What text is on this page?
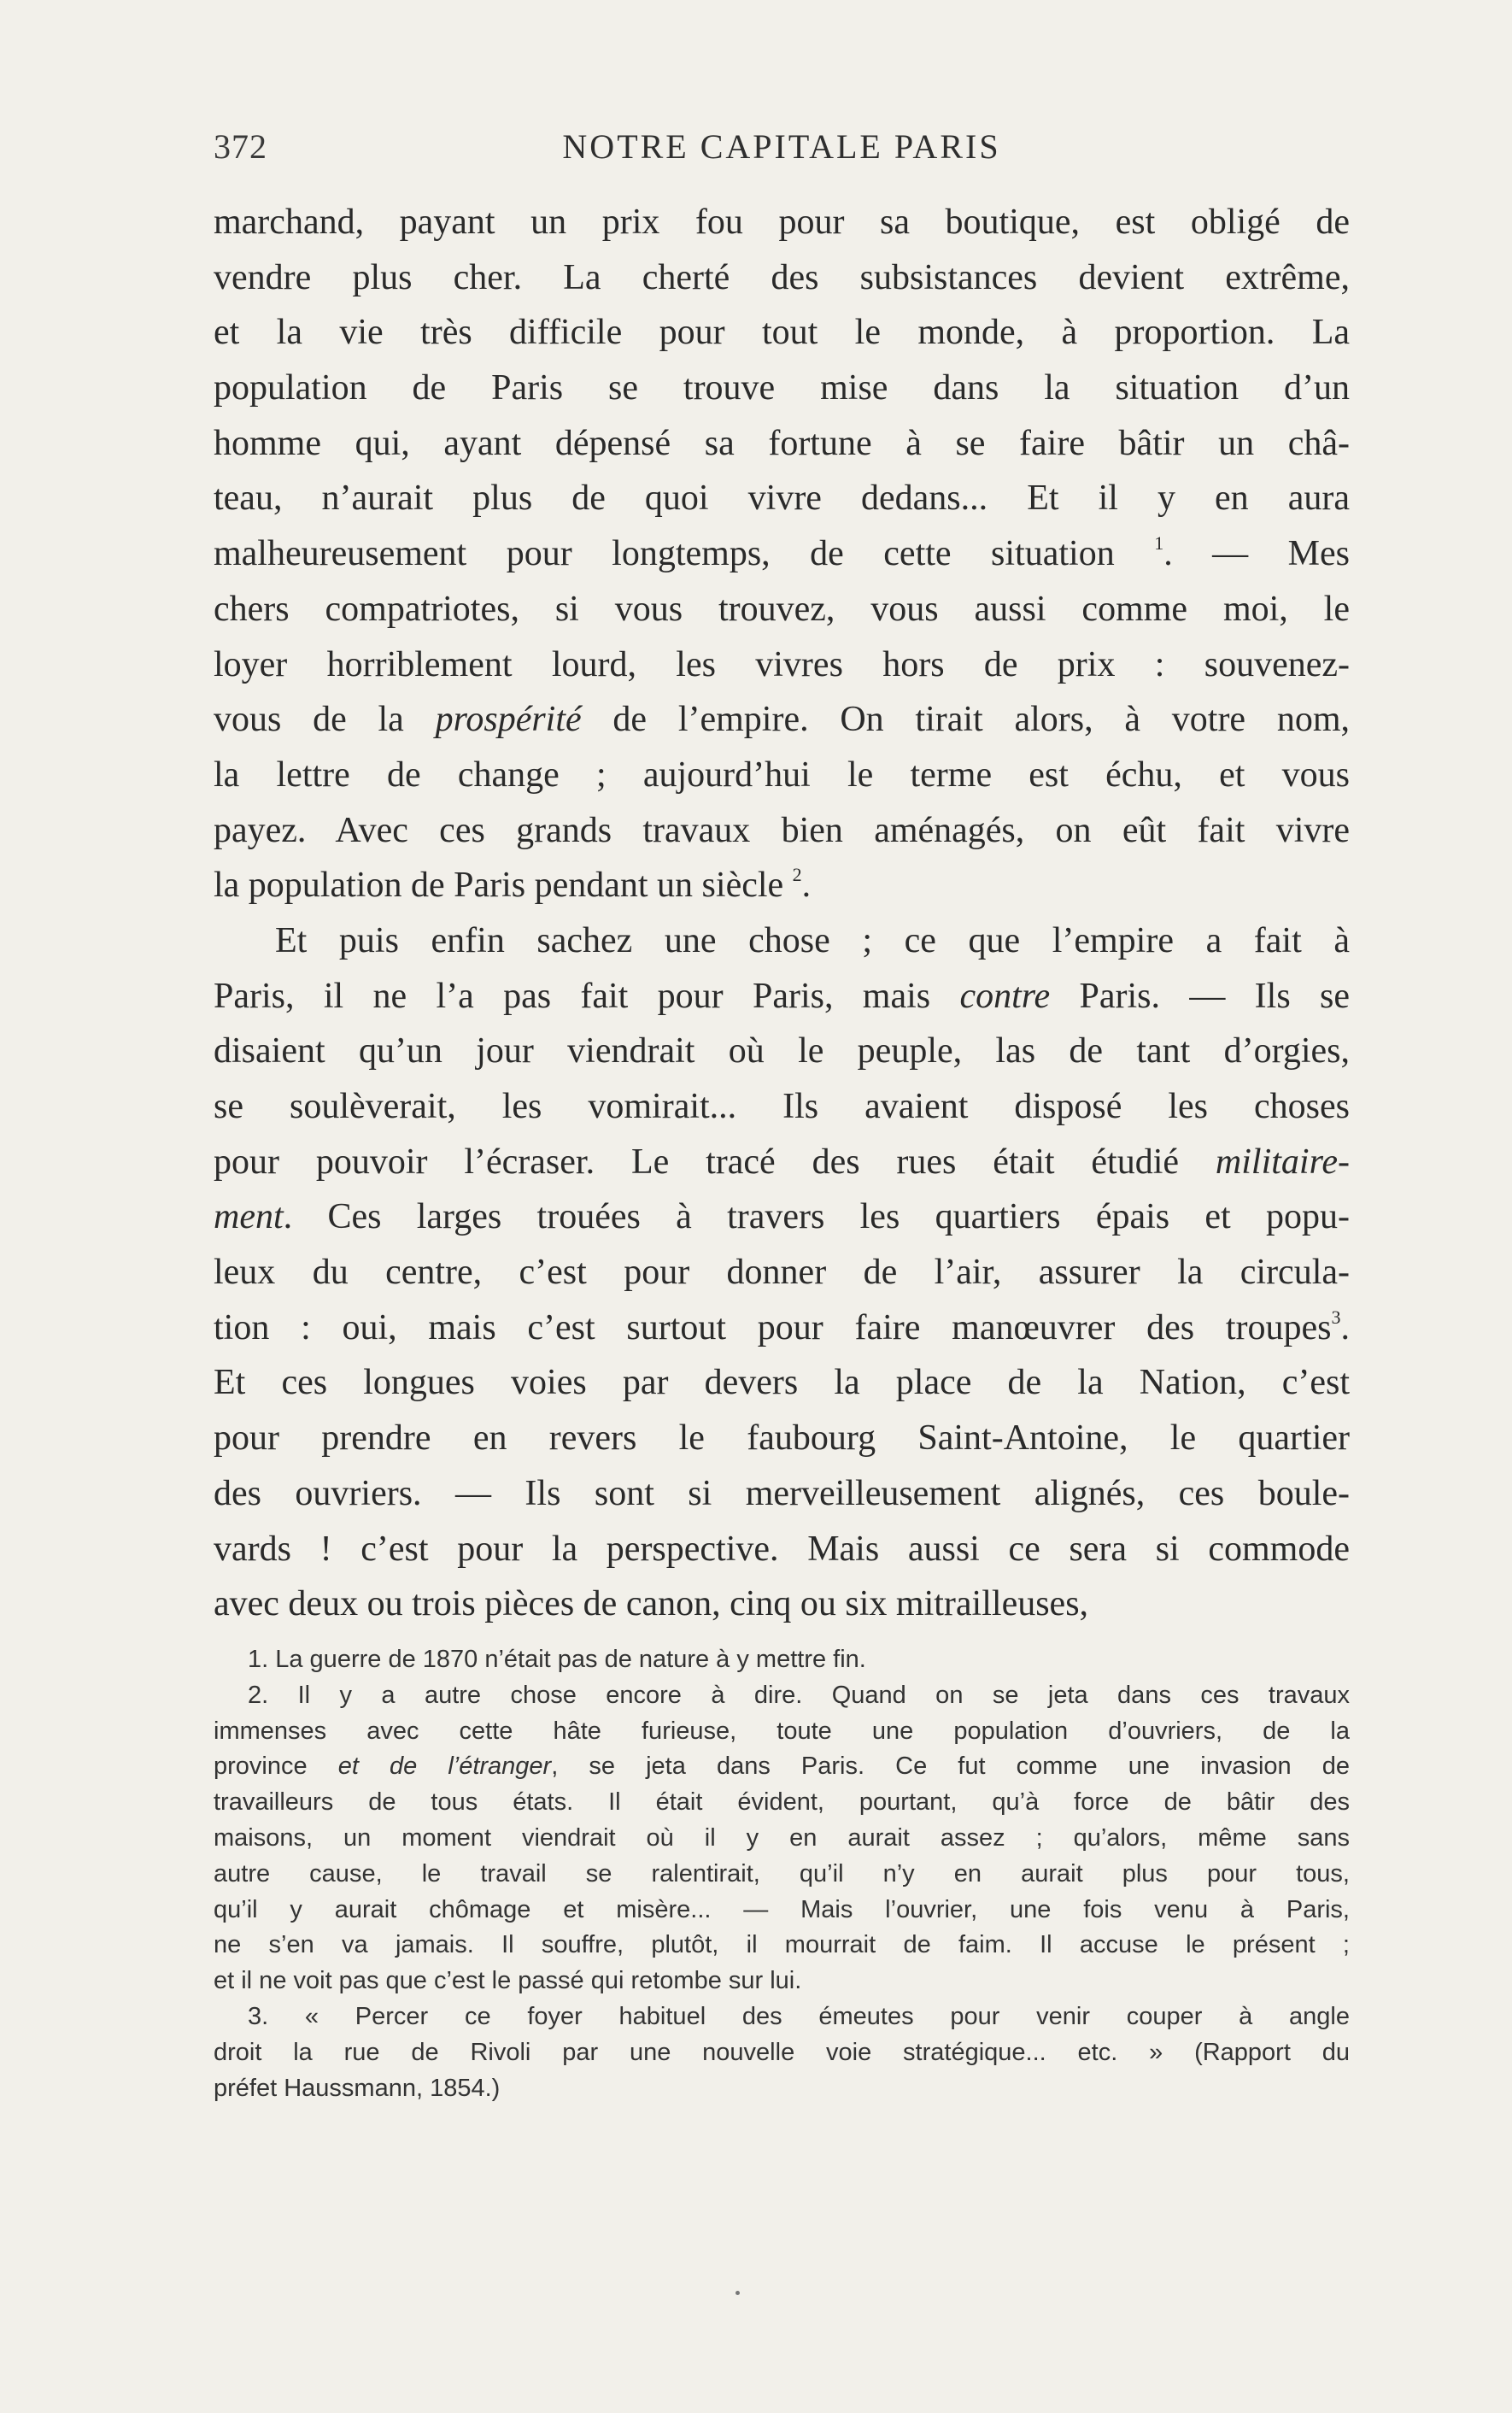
372	NOTRE CAPITALE PARIS
marchand, payant un prix fou pour sa boutique, est obligé de
vendre plus cher. La cherté des subsistances devient extrême,
et la vie très difficile pour tout le monde, à proportion. La
population de Paris se trouve mise dans la situation d’un
homme qui, ayant dépensé sa fortune à se faire bâtir un châ-
teau, n’aurait plus de quoi vivre dedans... Et il y en aura
malheureusement pour longtemps, de cette situation $^1$. — Mes
chers compatriotes, si vous trouvez, vous aussi comme moi, le
loyer horriblement lourd, les vivres hors de prix : souvenez-
vous de la prospérité de l’empire. On tirait alors, à votre nom,
la lettre de change ; aujourd’hui le terme est échu, et vous
payez. Avec ces grands travaux bien aménagés, on eût fait vivre
la population de Paris pendant un siècle $^2$.
Et puis enfin sachez une chose ; ce que l’empire a fait à
Paris, il ne l’a pas fait pour Paris, mais contre Paris. — Ils se
disaient qu’un jour viendrait où le peuple, las de tant d’orgies,
se soulèverait, les vomirait... Ils avaient disposé les choses
pour pouvoir l’écraser. Le tracé des rues était étudié militaire-
ment. Ces larges trouées à travers les quartiers épais et popu-
leux du centre, c’est pour donner de l’air, assurer la circula-
tion : oui, mais c’est surtout pour faire manœuvrer des troupes$^3$.
Et ces longues voies par devers la place de la Nation, c’est
pour prendre en revers le faubourg Saint-Antoine, le quartier
des ouvriers. — Ils sont si merveilleusement alignés, ces boule-
vards ! c’est pour la perspective. Mais aussi ce sera si commode
avec deux ou trois pièces de canon, cinq ou six mitrailleuses,
1. La guerre de 1870 n’était pas de nature à y mettre fin.
2. Il y a autre chose encore à dire. Quand on se jeta dans ces travaux
immenses avec cette hâte furieuse, toute une population d’ouvriers, de la
province et de l’étranger, se jeta dans Paris. Ce fut comme une invasion de
travailleurs de tous états. Il était évident, pourtant, qu’à force de bâtir des
maisons, un moment viendrait où il y en aurait assez ; qu’alors, même sans
autre cause, le travail se ralentirait, qu’il n’y en aurait plus pour tous,
qu’il y aurait chômage et misère... — Mais l’ouvrier, une fois venu à Paris,
ne s’en va jamais. Il souffre, plutôt, il mourrait de faim. Il accuse le présent ;
et il ne voit pas que c’est le passé qui retombe sur lui.
3. « Percer ce foyer habituel des émeutes pour venir couper à angle
droit la rue de Rivoli par une nouvelle voie stratégique... etc. » (Rapport du
préfet Haussmann, 1854.)
